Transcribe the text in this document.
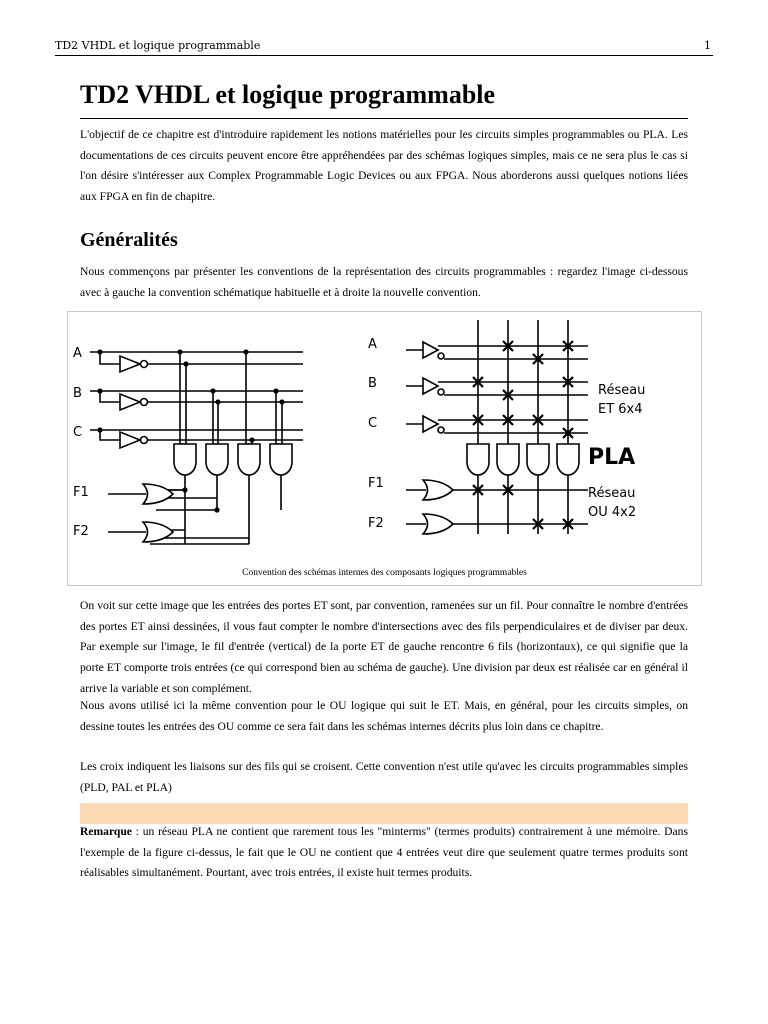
TD2 VHDL et logique programmable	1
TD2 VHDL et logique programmable

L'objectif de ce chapitre est d'introduire rapidement les notions matérielles pour les circuits simples programmables ou PLA. Les documentations de ces circuits peuvent encore être appréhendées par des schémas logiques simples, mais ce ne sera plus le cas si l'on désire s'intéresser aux Complex Programmable Logic Devices ou aux FPGA. Nous aborderons aussi quelques notions liées aux FPGA en fin de chapitre.

Généralités

Nous commençons par présenter les conventions de la représentation des circuits programmables : regardez l'image ci-dessous avec à gauche la convention schématique habituelle et à droite la nouvelle convention.

A
B
C
F1
F2
A
B
C
F1
F2
Réseau
ET 6x4
PLA
Réseau
OU 4x2
Convention des schémas internes des composants logiques programmables

On voit sur cette image que les entrées des portes ET sont, par convention, ramenées sur un fil. Pour connaître le nombre d'entrées des portes ET ainsi dessinées, il vous faut compter le nombre d'intersections avec des fils perpendiculaires et de diviser par deux. Par exemple sur l'image, le fil d'entrée (vertical) de la porte ET de gauche rencontre 6 fils (horizontaux), ce qui signifie que la porte ET comporte trois entrées (ce qui correspond bien au schéma de gauche). Une division par deux est réalisée car en général il arrive la variable et son complément.

Nous avons utilisé ici la même convention pour le OU logique qui suit le ET. Mais, en général, pour les circuits simples, on dessine toutes les entrées des OU comme ce sera fait dans les schémas internes décrits plus loin dans ce chapitre.

Les croix indiquent les liaisons sur des fils qui se croisent. Cette convention n'est utile qu'avec les circuits programmables simples (PLD, PAL et PLA)

Remarque : un réseau PLA ne contient que rarement tous les "minterms" (termes produits) contrairement à une mémoire. Dans l'exemple de la figure ci-dessus, le fait que le OU ne contient que 4 entrées veut dire que seulement quatre termes produits sont réalisables simultanément. Pourtant, avec trois entrées, il existe huit termes produits.
